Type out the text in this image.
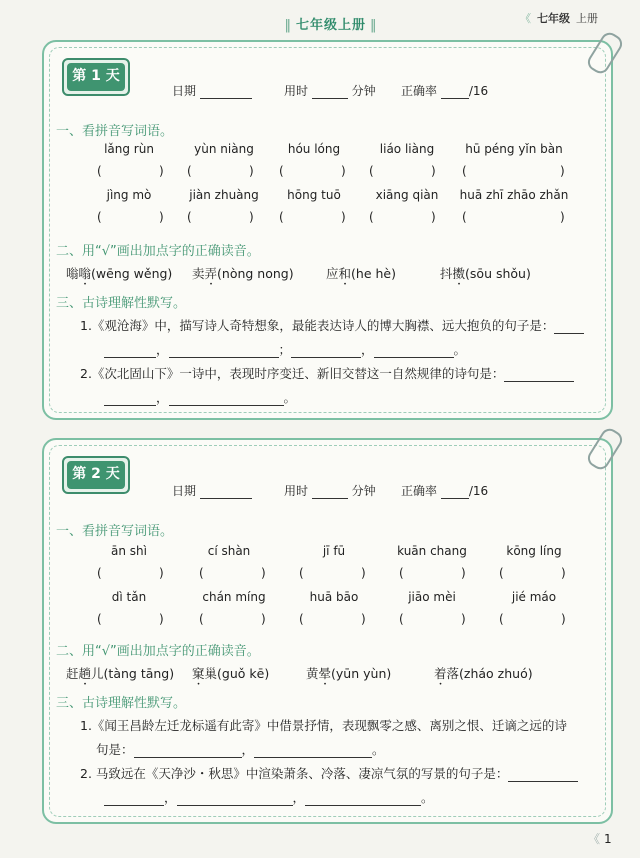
‖ 七年级上册 ‖	《 七年级 上册
第 1 天
日期	用时	分钟 正确率	/16
一、看拼音写词语。
lǎng rùn	yùn niàng	hóu lóng	liáo liàng	hū péng yǐn bàn
(	) (	) (	) (	) (	)
jìng mò	jiàn zhuàng	hōng tuō	xiāng qiàn	huā zhī zhāo zhǎn
(	) (	) (	) (	) (	)
二、用“√”画出加点字的正确读音。
嗡嗡(wēng wěng) 卖弄(nòng nong)	应和(he hè)	抖擞(sōu shǒu)
三、古诗理解性默写。
1.《观沧海》中，描写诗人奇特想象，最能表达诗人的博大胸襟、远大抱负的句子是：
，	；	，	。
2.《次北固山下》一诗中，表现时序变迁、新旧交替这一自然规律的诗句是：
，	。
第 2 天
日期	用时	分钟 正确率	/16
一、看拼音写词语。
ān shì	cí shàn	jī fū	kuān chang	kōng líng
(	)	(	)	(	)	(	)	(	)
dì tǎn	chán míng	huā bāo	jiāo mèi	jié máo
(	)	(	)	(	)	(	)	(	)
二、用“√”画出加点字的正确读音。
赶趟儿(tàng tāng) 窠巢(guǒ kē)	黄晕(yūn yùn)	着落(zháo zhuó)
三、古诗理解性默写。
1.《闻王昌龄左迁龙标遥有此寄》中借景抒情，表现飘零之感、离别之恨、迁谪之远的诗
句是：	，	。
2. 马致远在《天净沙・秋思》中渲染萧条、冷落、凄凉气氛的写景的句子是：
，	，	。
《 1
